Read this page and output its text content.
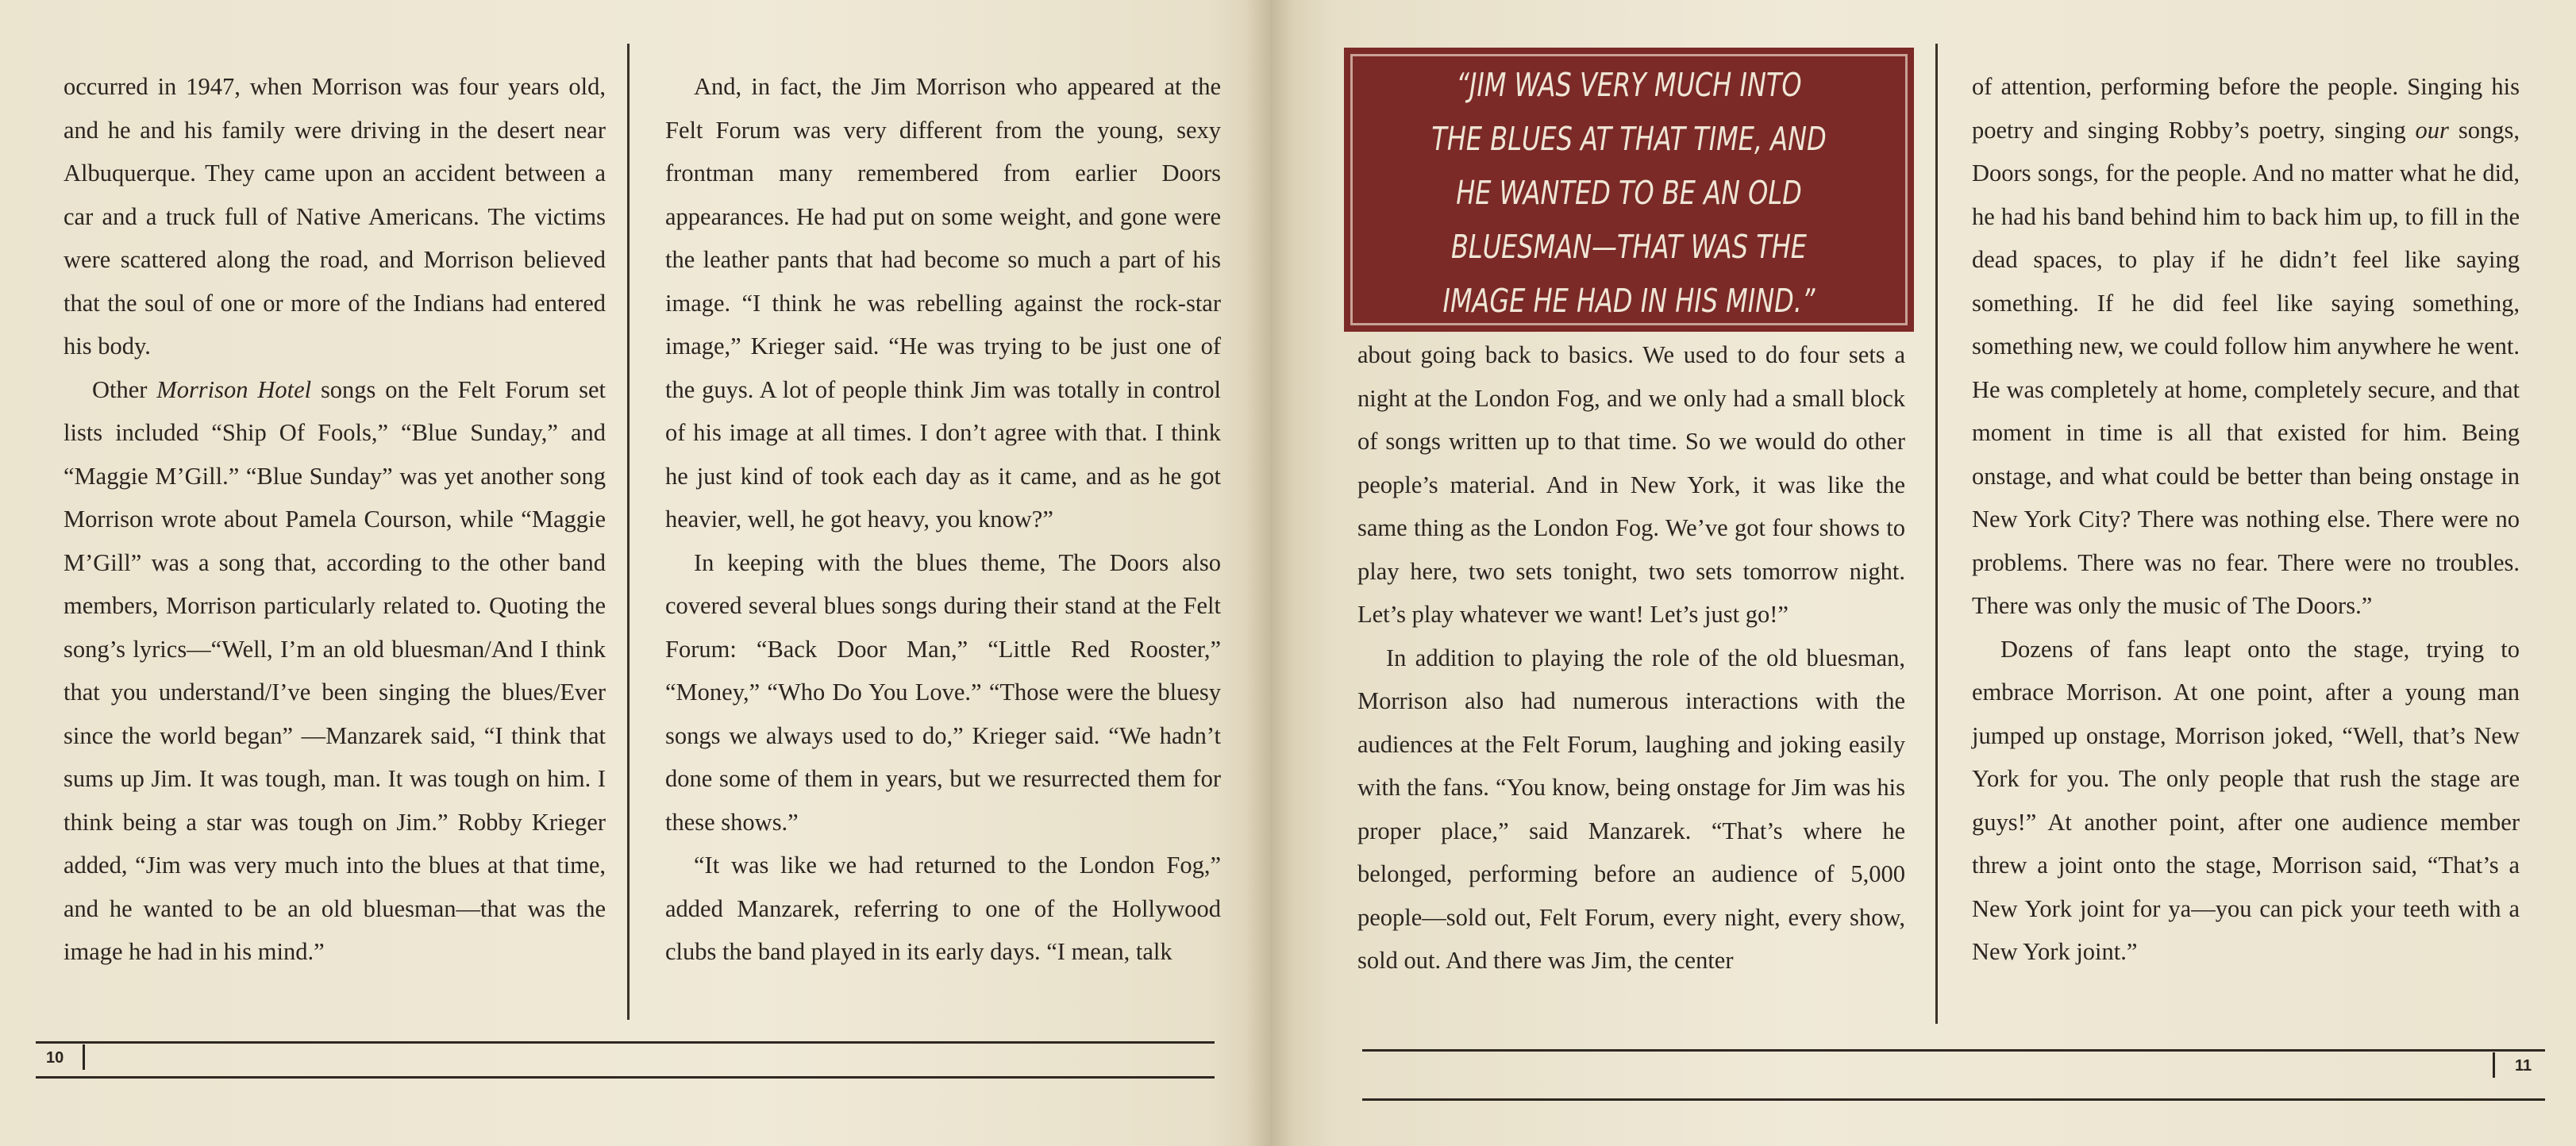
occurred in 1947, when Morrison was four years old, and he and his family were driving in the desert near Albuquerque. They came upon an accident between a car and a truck full of Native Americans. The victims were scattered along the road, and Morrison believed that the soul of one or more of the Indians had entered his body.

Other Morrison Hotel songs on the Felt Forum set lists included “Ship Of Fools,” “Blue Sunday,” and “Maggie M’Gill.” “Blue Sunday” was yet another song Morrison wrote about Pamela Courson, while “Maggie M’Gill” was a song that, according to the other band members, Morrison particularly related to. Quoting the song’s lyrics—“Well, I’m an old bluesman/And I think that you understand/I’ve been singing the blues/Ever since the world began” —Manzarek said, “I think that sums up Jim. It was tough, man. It was tough on him. I think being a star was tough on Jim.” Robby Krieger added, “Jim was very much into the blues at that time, and he wanted to be an old bluesman—that was the image he had in his mind.”

And, in fact, the Jim Morrison who appeared at the Felt Forum was very different from the young, sexy frontman many remembered from earlier Doors appearances. He had put on some weight, and gone were the leather pants that had become so much a part of his image. “I think he was rebelling against the rock-star image,” Krieger said. “He was trying to be just one of the guys. A lot of people think Jim was totally in control of his image at all times. I don’t agree with that. I think he just kind of took each day as it came, and as he got heavier, well, he got heavy, you know?”

In keeping with the blues theme, The Doors also covered several blues songs during their stand at the Felt Forum: “Back Door Man,” “Little Red Rooster,” “Money,” “Who Do You Love.” “Those were the bluesy songs we always used to do,” Krieger said. “We hadn’t done some of them in years, but we resurrected them for these shows.”

“It was like we had returned to the London Fog,” added Manzarek, referring to one of the Hollywood clubs the band played in its early days. “I mean, talk

“JIM WAS VERY MUCH INTO THE BLUES AT THAT TIME, AND HE WANTED TO BE AN OLD BLUESMAN—THAT WAS THE IMAGE HE HAD IN HIS MIND.”

about going back to basics. We used to do four sets a night at the London Fog, and we only had a small block of songs written up to that time. So we would do other people’s material. And in New York, it was like the same thing as the London Fog. We’ve got four shows to play here, two sets tonight, two sets tomorrow night. Let’s play whatever we want! Let’s just go!”

In addition to playing the role of the old bluesman, Morrison also had numerous interactions with the audiences at the Felt Forum, laughing and joking easily with the fans. “You know, being onstage for Jim was his proper place,” said Manzarek. “That’s where he belonged, performing before an audience of 5,000 people—sold out, Felt Forum, every night, every show, sold out. And there was Jim, the center

of attention, performing before the people. Singing his poetry and singing Robby’s poetry, singing our songs, Doors songs, for the people. And no matter what he did, he had his band behind him to back him up, to fill in the dead spaces, to play if he didn’t feel like saying something. If he did feel like saying something, something new, we could follow him anywhere he went. He was completely at home, completely secure, and that moment in time is all that existed for him. Being onstage, and what could be better than being onstage in New York City? There was nothing else. There were no problems. There was no fear. There were no troubles. There was only the music of The Doors.”

Dozens of fans leapt onto the stage, trying to embrace Morrison. At one point, after a young man jumped up onstage, Morrison joked, “Well, that’s New York for you. The only people that rush the stage are guys!” At another point, after one audience member threw a joint onto the stage, Morrison said, “That’s a New York joint for ya—you can pick your teeth with a New York joint.”

10	11
